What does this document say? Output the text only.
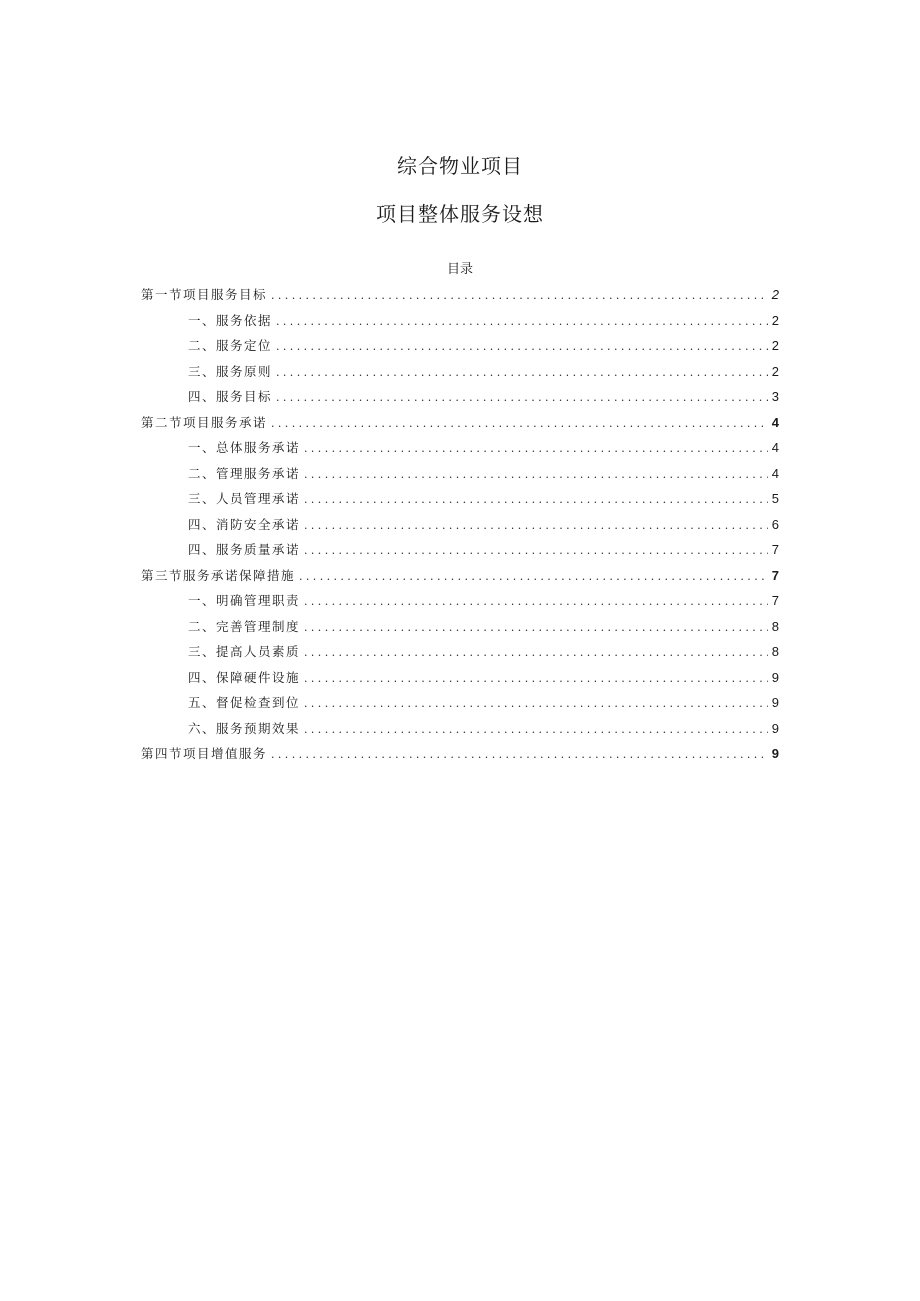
综合物业项目
项目整体服务设想
目录
第一节项目服务目标 .....	2
一、服务依据 .....	2
二、服务定位 .....	2
三、服务原则 .....	2
四、服务目标 .....	3
第二节项目服务承诺 .....	4
一、总体服务承诺 .....	4
二、管理服务承诺 .....	4
三、人员管理承诺 .....	5
四、消防安全承诺 .....	6
四、服务质量承诺 .....	7
第三节服务承诺保障措施 .....	7
一、明确管理职责 .....	7
二、完善管理制度 .....	8
三、提高人员素质 .....	8
四、保障硬件设施 .....	9
五、督促检查到位 .....	9
六、服务预期效果 .....	9
第四节项目增值服务 .....	9
